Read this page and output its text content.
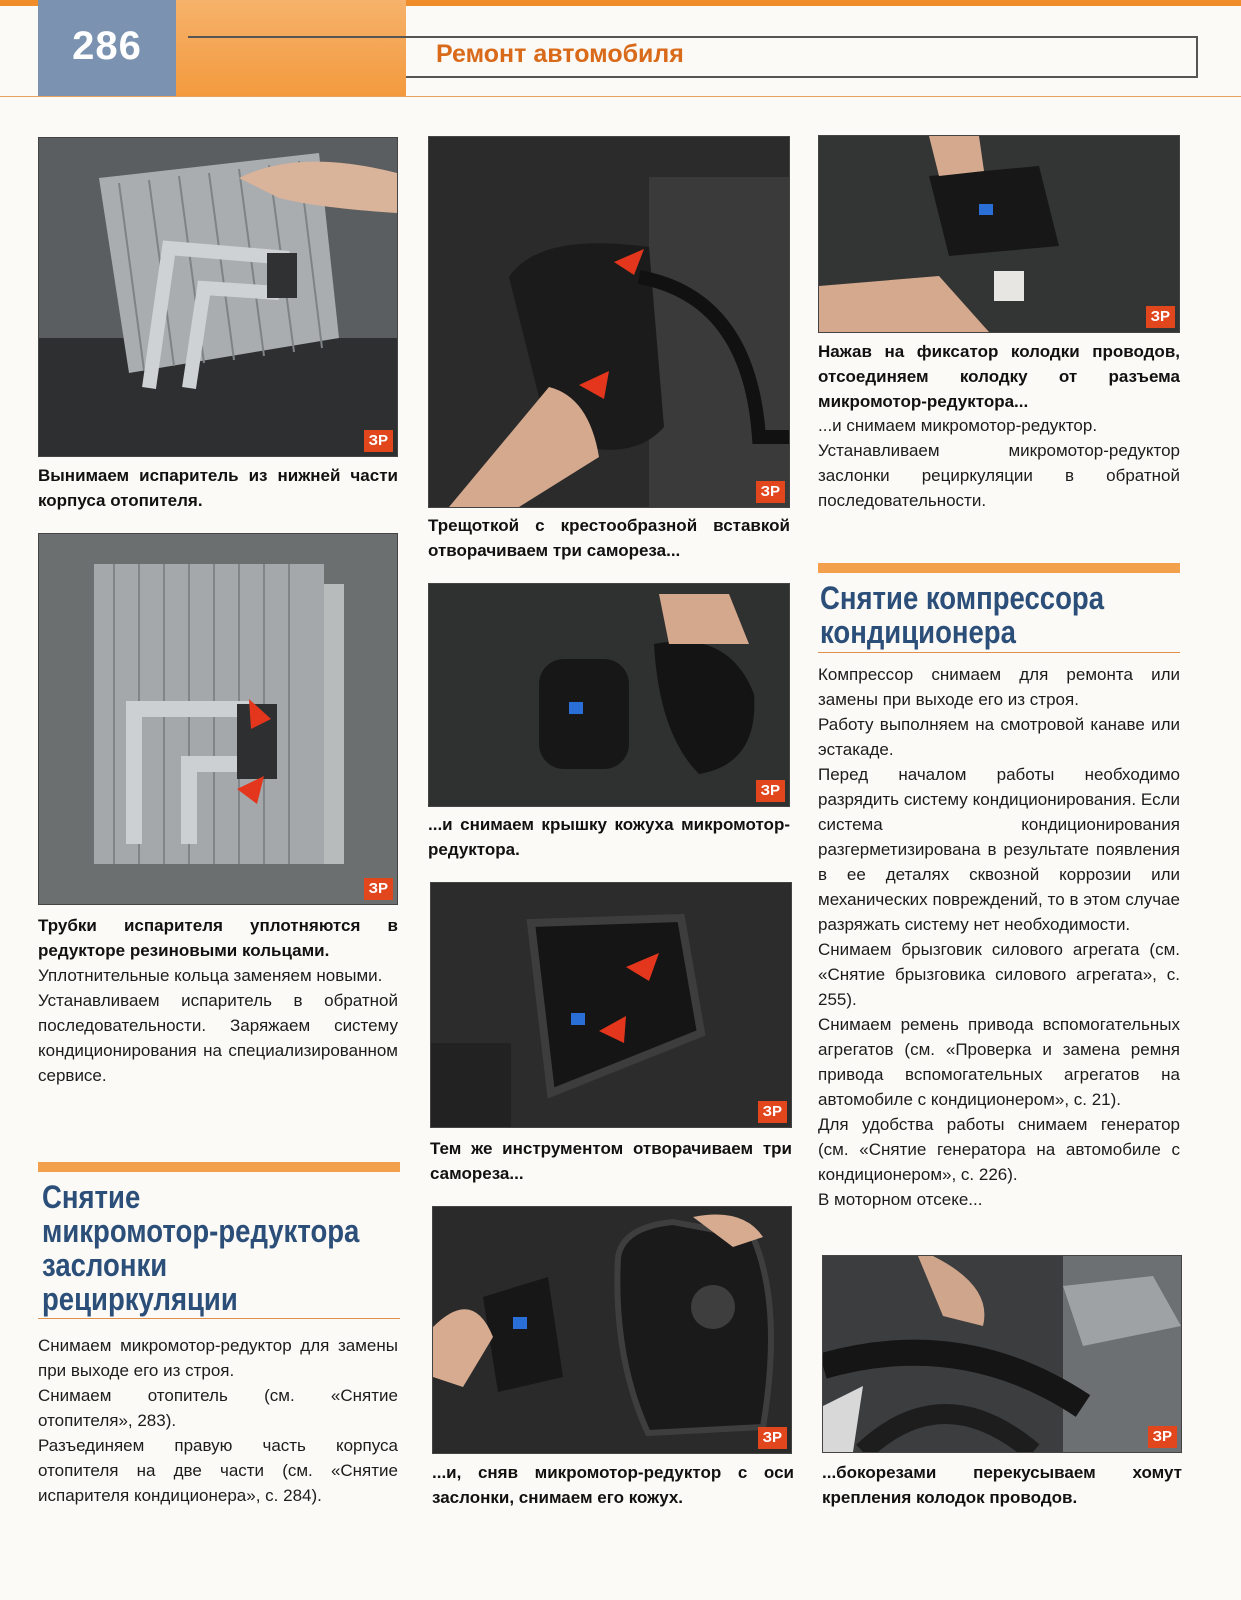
286	Ремонт автомобиля
ЗР
Вынимаем испаритель из нижней части корпуса отопителя.
ЗР
Трубки испарителя уплотняются в редукторе резиновыми кольцами.

Уплотнительные кольца заменяем новыми.

Устанавливаем испаритель в обратной последовательности. Заряжаем систему кондиционирования на специализированном сервисе.

Снятие
микромотор-редуктора
заслонки
рециркуляции

Снимаем микромотор-редуктор для замены при выходе его из строя.

Снимаем отопитель (см. «Снятие отопителя», 283).

Разъединяем правую часть корпуса отопителя на две части (см. «Снятие испарителя кондиционера», с. 284).

ЗР
Трещоткой с крестообразной вставкой отворачиваем три самореза...
ЗР
...и снимаем крышку кожуха микромотор-редуктора.
ЗР
Тем же инструментом отворачиваем три самореза...
ЗР
...и, сняв микромотор-редуктор с оси заслонки, снимаем его кожух.
ЗР
Нажав на фиксатор колодки проводов, отсоединяем колодку от разъема микромотор-редуктора...

...и снимаем микромотор-редуктор.

Устанавливаем микромотор-редуктор заслонки рециркуляции в обратной последовательности.

Снятие компрессора
кондиционера

Компрессор снимаем для ремонта или замены при выходе его из строя.

Работу выполняем на смотровой канаве или эстакаде.

Перед началом работы необходимо разрядить систему кондиционирования. Если система кондиционирования разгерметизирована в результате появления в ее деталях сквозной коррозии или механических повреждений, то в этом случае разряжать систему нет необходимости.

Снимаем брызговик силового агрегата (см. «Снятие брызговика силового агрегата», с. 255).

Снимаем ремень привода вспомогательных агрегатов (см. «Проверка и замена ремня привода вспомогательных агрегатов на автомобиле с кондиционером», с. 21).

Для удобства работы снимаем генератор (см. «Снятие генератора на автомобиле с кондиционером», с. 226).

В моторном отсеке...

ЗР
...бокорезами перекусываем хомут крепления колодок проводов.
